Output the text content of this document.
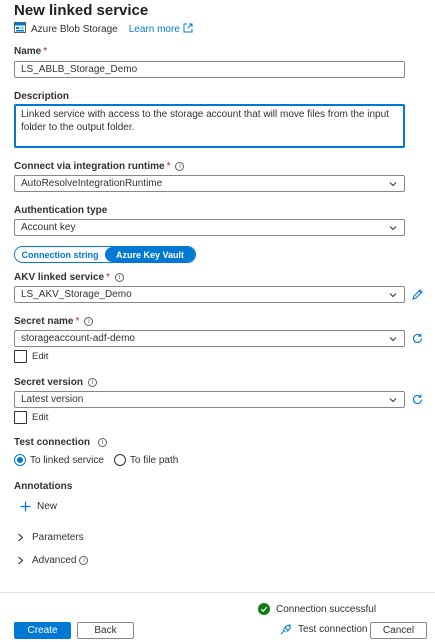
New linked service
Azure Blob Storage Learn more
Name *
LS_ABLB_Storage_Demo
Description
Linked service with access to the storage account that will move files from the input folder to the output folder.
Connect via integration runtime * i
AutoResolveIntegrationRuntime
Authentication type
Account key
Connection string	Azure Key Vault
AKV linked service * i
LS_AKV_Storage_Demo
Secret name * i
storageaccount-adf-demo
Edit
Secret version i
Latest version
Edit
Test connection i
To linked service	To file path
Annotations
New
Parameters
Advanced i
Connection successful
Create	Back	Test connection	Cancel
